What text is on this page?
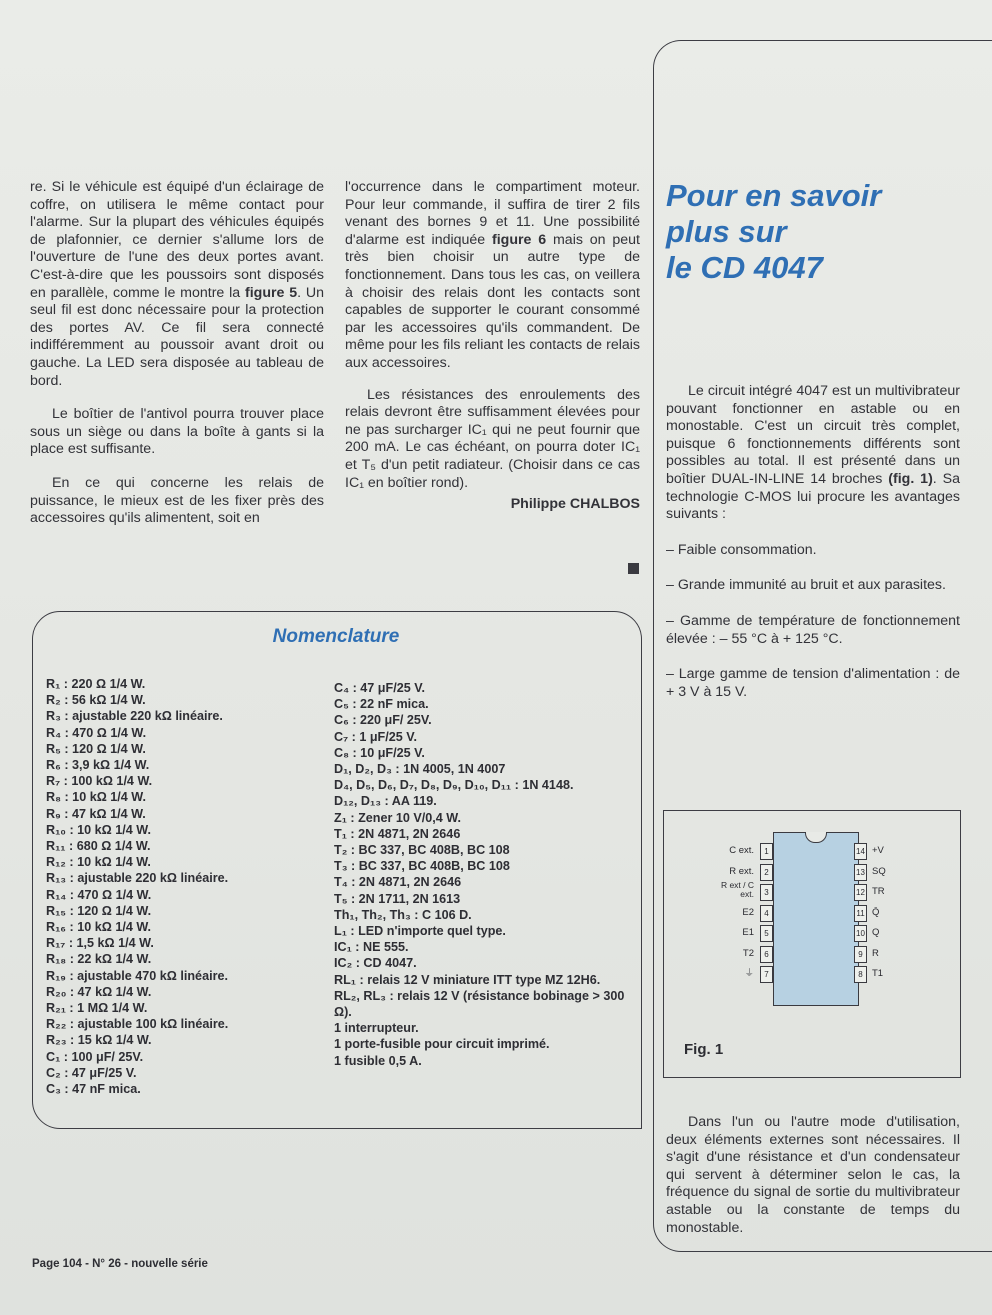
re. Si le véhicule est équipé d'un éclairage de coffre, on utilisera le même contact pour l'alarme. Sur la plupart des véhicules équipés de plafonnier, ce dernier s'allume lors de l'ouverture de l'une des deux portes avant. C'est-à-dire que les poussoirs sont disposés en parallèle, comme le montre la figure 5. Un seul fil est donc nécessaire pour la protection des portes AV. Ce fil sera connecté indifféremment au poussoir avant droit ou gauche. La LED sera disposée au tableau de bord.

Le boîtier de l'antivol pourra trouver place sous un siège ou dans la boîte à gants si la place est suffisante.

En ce qui concerne les relais de puissance, le mieux est de les fixer près des accessoires qu'ils alimentent, soit en

l'occurrence dans le compartiment moteur. Pour leur commande, il suffira de tirer 2 fils venant des bornes 9 et 11. Une possibilité d'alarme est indiquée figure 6 mais on peut très bien choisir un autre type de fonctionnement. Dans tous les cas, on veillera à choisir des relais dont les contacts sont capables de supporter le courant consommé par les accessoires qu'ils commandent. De même pour les fils reliant les contacts de relais aux accessoires.

Les résistances des enroulements des relais devront être suffisamment élevées pour ne pas surcharger IC₁ qui ne peut fournir que 200 mA. Le cas échéant, on pourra doter IC₁ et T₅ d'un petit radiateur. (Choisir dans ce cas IC₁ en boîtier rond).

Philippe CHALBOS
Pour en savoir
plus sur
le CD 4047

Le circuit intégré 4047 est un multivibrateur pouvant fonctionner en astable ou en monostable. C'est un circuit très complet, puisque 6 fonctionnements différents sont possibles au total. Il est présenté dans un boîtier DUAL-IN-LINE 14 broches (fig. 1). Sa technologie C-MOS lui procure les avantages suivants :

– Faible consommation.
– Grande immunité au bruit et aux parasites.
– Gamme de température de fonctionnement élevée : – 55 °C à + 125 °C.
– Large gamme de tension d'alimentation : de + 3 V à 15 V.
1
C ext.
2
R ext.
3
R ext / C ext.
4
E2
5
E1
6
T2
7
⏚
14 +V
13 SQ
12 TR
11 Q̄
10 Q
9 R
8 T1
Fig. 1

Dans l'un ou l'autre mode d'utilisation, deux éléments externes sont nécessaires. Il s'agit d'une résistance et d'un condensateur qui servent à déterminer selon le cas, la fréquence du signal de sortie du multivibrateur astable ou la constante de temps du monostable.

Nomenclature
R₁ : 220 Ω 1/4 W.
R₂ : 56 kΩ 1/4 W.
R₃ : ajustable 220 kΩ linéaire.
R₄ : 470 Ω 1/4 W.
R₅ : 120 Ω 1/4 W.
R₆ : 3,9 kΩ 1/4 W.
R₇ : 100 kΩ 1/4 W.
R₈ : 10 kΩ 1/4 W.
R₉ : 47 kΩ 1/4 W.
R₁₀ : 10 kΩ 1/4 W.
R₁₁ : 680 Ω 1/4 W.
R₁₂ : 10 kΩ 1/4 W.
R₁₃ : ajustable 220 kΩ linéaire.
R₁₄ : 470 Ω 1/4 W.
R₁₅ : 120 Ω 1/4 W.
R₁₆ : 10 kΩ 1/4 W.
R₁₇ : 1,5 kΩ 1/4 W.
R₁₈ : 22 kΩ 1/4 W.
R₁₉ : ajustable 470 kΩ linéaire.
R₂₀ : 47 kΩ 1/4 W.
R₂₁ : 1 MΩ 1/4 W.
R₂₂ : ajustable 100 kΩ linéaire.
R₂₃ : 15 kΩ 1/4 W.
C₁ : 100 μF/ 25V.
C₂ : 47 μF/25 V.
C₃ : 47 nF mica.
C₄ : 47 μF/25 V.
C₅ : 22 nF mica.
C₆ : 220 μF/ 25V.
C₇ : 1 μF/25 V.
C₈ : 10 μF/25 V.
D₁, D₂, D₃ : 1N 4005, 1N 4007
D₄, D₅, D₆, D₇, D₈, D₉, D₁₀, D₁₁ : 1N 4148.
D₁₂, D₁₃ : AA 119.
Z₁ : Zener 10 V/0,4 W.
T₁ : 2N 4871, 2N 2646
T₂ : BC 337, BC 408B, BC 108
T₃ : BC 337, BC 408B, BC 108
T₄ : 2N 4871, 2N 2646
T₅ : 2N 1711, 2N 1613
Th₁, Th₂, Th₃ : C 106 D.
L₁ : LED n'importe quel type.
IC₁ : NE 555.
IC₂ : CD 4047.
RL₁ : relais 12 V miniature ITT type MZ 12H6.
RL₂, RL₃ : relais 12 V (résistance bobinage > 300 Ω).
1 interrupteur.
1 porte-fusible pour circuit imprimé.
1 fusible 0,5 A.
Page 104 - N° 26 - nouvelle série
